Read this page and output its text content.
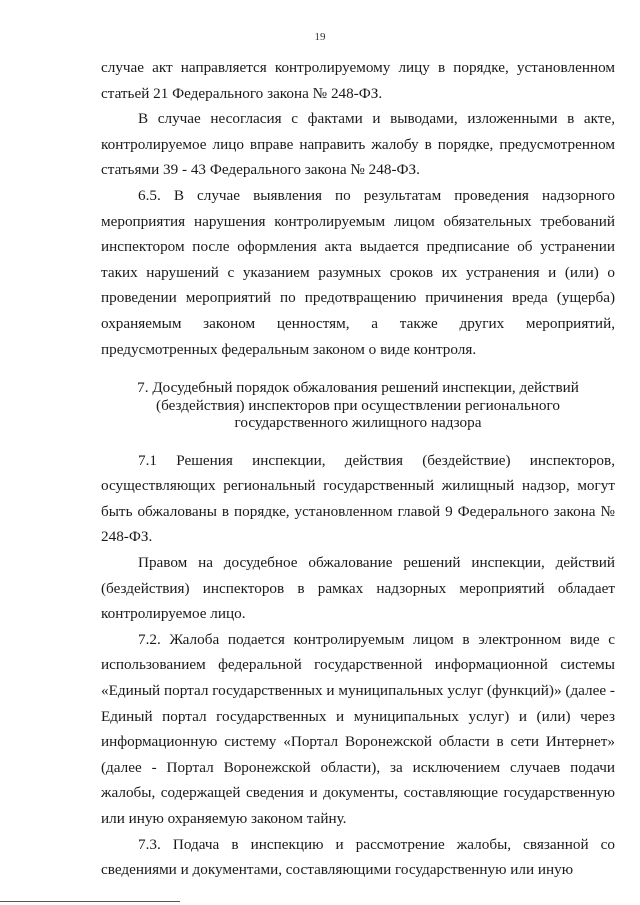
19

случае акт направляется контролируемому лицу в порядке, установленном статьей 21 Федерального закона № 248-ФЗ.

В случае несогласия с фактами и выводами, изложенными в акте, контролируемое лицо вправе направить жалобу в порядке, предусмотренном статьями 39 - 43 Федерального закона № 248-ФЗ.

6.5. В случае выявления по результатам проведения надзорного мероприятия нарушения контролируемым лицом обязательных требований инспектором после оформления акта выдается предписание об устранении таких нарушений с указанием разумных сроков их устранения и (или) о проведении мероприятий по предотвращению причинения вреда (ущерба) охраняемым законом ценностям, а также других мероприятий, предусмотренных федеральным законом о виде контроля.

7. Досудебный порядок обжалования решений инспекции, действий (бездействия) инспекторов при осуществлении регионального государственного жилищного надзора

7.1 Решения инспекции, действия (бездействие) инспекторов, осуществляющих региональный государственный жилищный надзор, могут быть обжалованы в порядке, установленном главой 9 Федерального закона № 248-ФЗ.

Правом на досудебное обжалование решений инспекции, действий (бездействия) инспекторов в рамках надзорных мероприятий обладает контролируемое лицо.

7.2. Жалоба подается контролируемым лицом в электронном виде с использованием федеральной государственной информационной системы «Единый портал государственных и муниципальных услуг (функций)» (далее - Единый портал государственных и муниципальных услуг) и (или) через информационную систему «Портал Воронежской области в сети Интернет» (далее - Портал Воронежской области), за исключением случаев подачи жалобы, содержащей сведения и документы, составляющие государственную или иную охраняемую законом тайну.

7.3. Подача в инспекцию и рассмотрение жалобы, связанной со сведениями и документами, составляющими государственную или иную
